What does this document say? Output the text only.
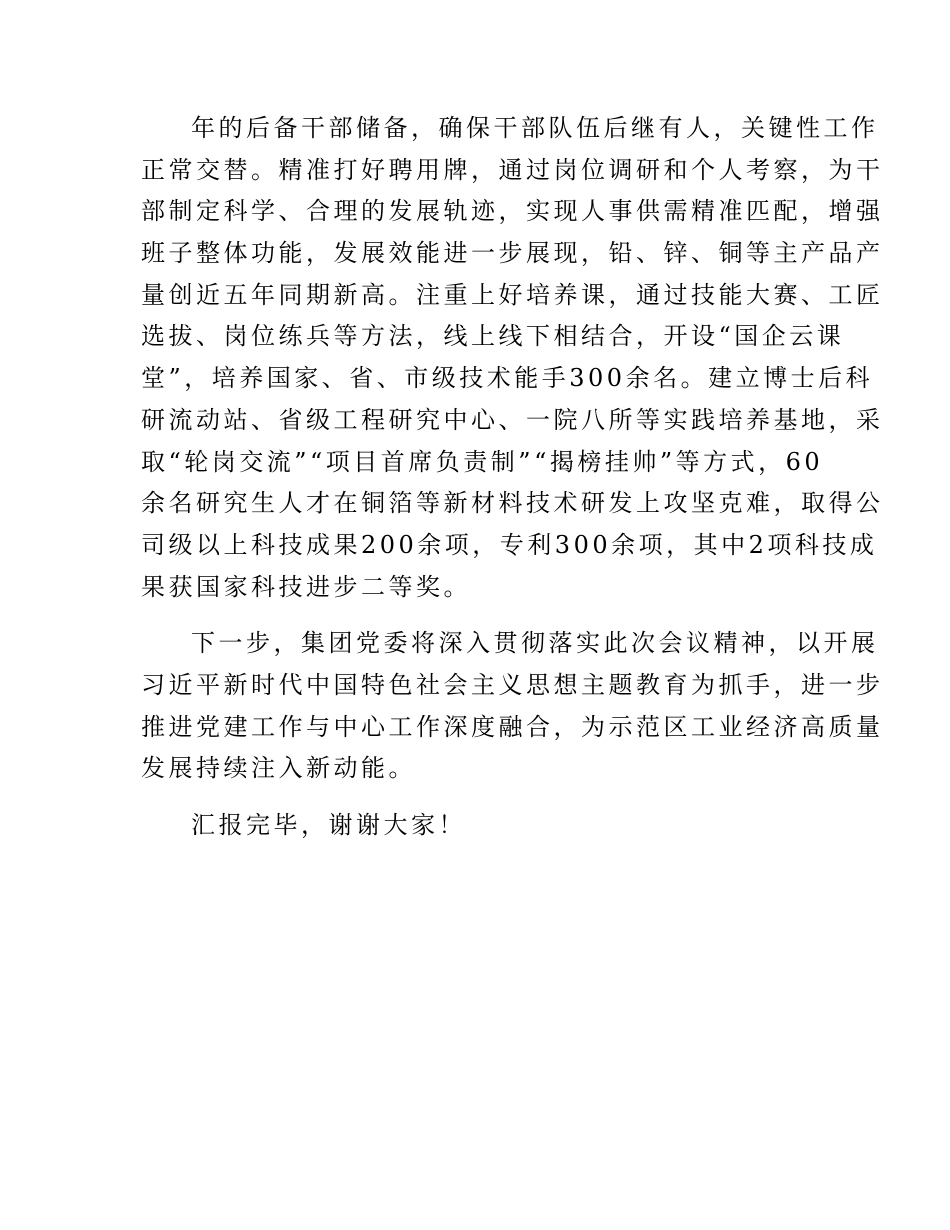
年的后备干部储备，确保干部队伍后继有人，关键性工作
正常交替。精准打好聘用牌，通过岗位调研和个人考察，为干
部制定科学、合理的发展轨迹，实现人事供需精准匹配，增强
班子整体功能，发展效能进一步展现，铅、锌、铜等主产品产
量创近五年同期新高。注重上好培养课，通过技能大赛、工匠
选拔、岗位练兵等方法，线上线下相结合，开设“国企云课
堂”，培养国家、省、市级技术能手300余名。建立博士后科
研流动站、省级工程研究中心、一院八所等实践培养基地，采
取“轮岗交流”“项目首席负责制”“揭榜挂帅”等方式，60
余名研究生人才在铜箔等新材料技术研发上攻坚克难，取得公
司级以上科技成果200余项，专利300余项，其中2项科技成
果获国家科技进步二等奖。
下一步，集团党委将深入贯彻落实此次会议精神，以开展
习近平新时代中国特色社会主义思想主题教育为抓手，进一步
推进党建工作与中心工作深度融合，为示范区工业经济高质量
发展持续注入新动能。
汇报完毕，谢谢大家！
